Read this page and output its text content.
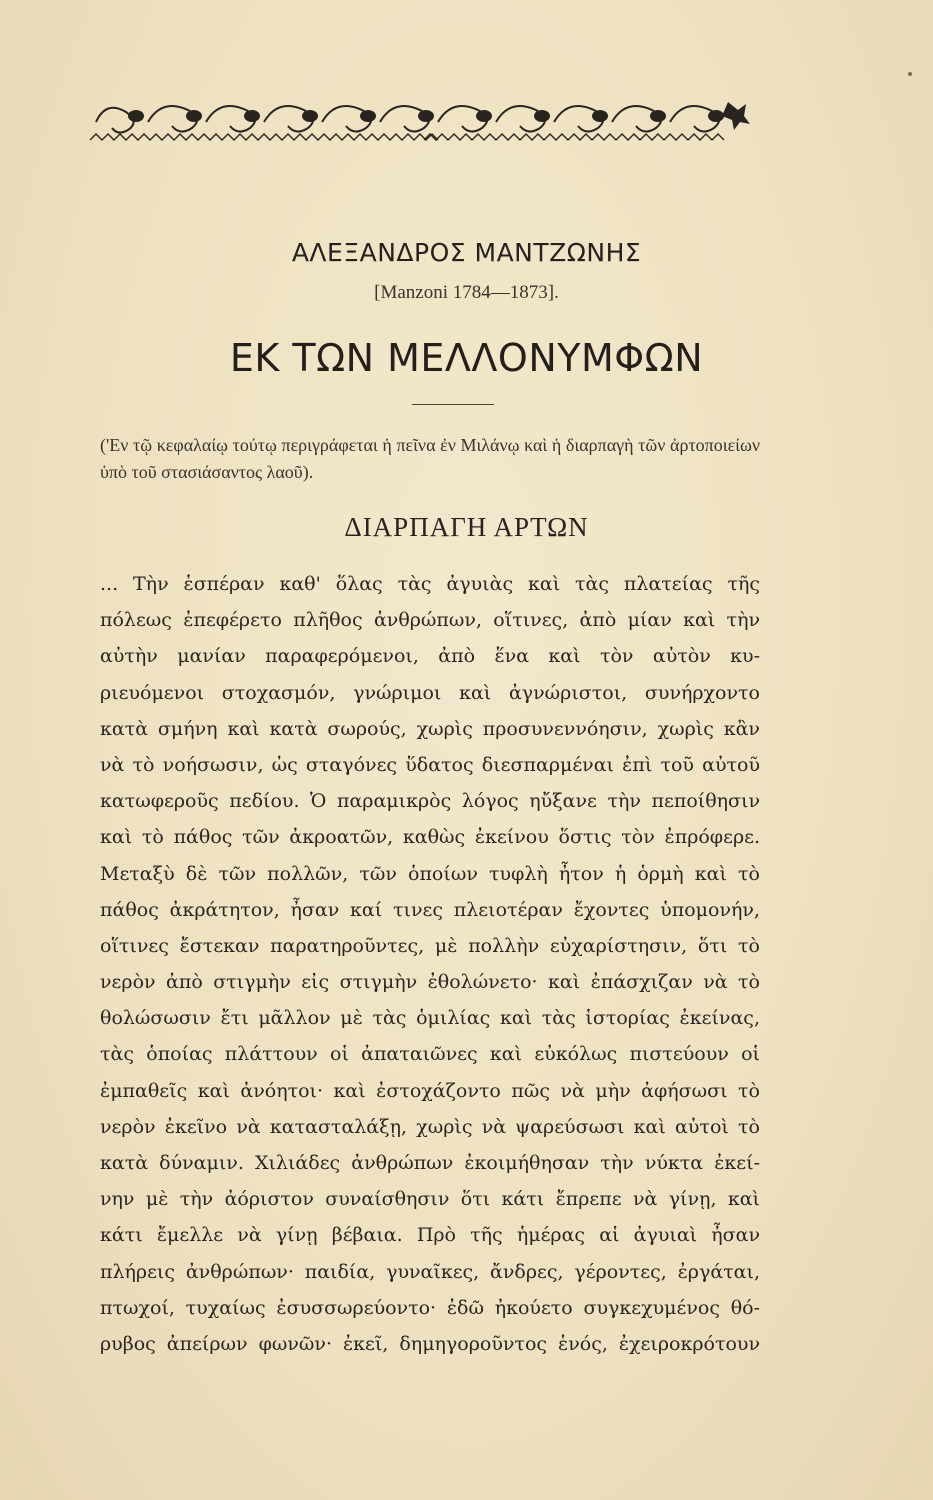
ΑΛΕΞΑΝΔΡΟΣ ΜΑΝΤΖΩΝΗΣ
[Manzoni 1784—1873].
ΕΚ ΤΩΝ ΜΕΛΛΟΝΥΜΦΩΝ
('Εν τῷ κεφαλαίῳ τούτῳ περιγράφεται ἡ πεῖνα ἐν Μιλάνῳ καὶ ἡ διαρπαγὴ τῶν ἀρτοποιείων ὑπὸ τοῦ στασιάσαντος λαοῦ).
ΔΙΑΡΠΑΓΗ ΑΡΤΩΝ
... Τὴν ἑσπέραν καθ' ὅλας τὰς ἀγυιὰς καὶ τὰς πλατείας τῆς
πόλεως ἐπεφέρετο πλῆθος ἀνθρώπων, οἵτινες, ἀπὸ μίαν καὶ τὴν
αὐτὴν μανίαν παραφερόμενοι, ἀπὸ ἕνα καὶ τὸν αὐτὸν κυ-
ριευόμενοι στοχασμόν, γνώριμοι καὶ ἀγνώριστοι, συνήρχοντο
κατὰ σμήνη καὶ κατὰ σωρούς, χωρὶς προσυνεννόησιν, χωρὶς κἂν
νὰ τὸ νοήσωσιν, ὡς σταγόνες ὕδατος διεσπαρμέναι ἐπὶ τοῦ αὐτοῦ
κατωφεροῦς πεδίου. Ὁ παραμικρὸς λόγος ηὔξανε τὴν πεποίθησιν
καὶ τὸ πάθος τῶν ἀκροατῶν, καθὼς ἐκείνου ὅστις τὸν ἐπρόφερε.
Μεταξὺ δὲ τῶν πολλῶν, τῶν ὁποίων τυφλὴ ἦτον ἡ ὁρμὴ καὶ τὸ
πάθος ἀκράτητον, ἦσαν καί τινες πλειοτέραν ἔχοντες ὑπομονήν,
οἵτινες ἔστεκαν παρατηροῦντες, μὲ πολλὴν εὐχαρίστησιν, ὅτι τὸ
νερὸν ἀπὸ στιγμὴν εἰς στιγμὴν ἐθολώνετο· καὶ ἐπάσχιζαν νὰ τὸ
θολώσωσιν ἔτι μᾶλλον μὲ τὰς ὁμιλίας καὶ τὰς ἱστορίας ἐκείνας,
τὰς ὁποίας πλάττουν οἱ ἀπαταιῶνες καὶ εὐκόλως πιστεύουν οἱ
ἐμπαθεῖς καὶ ἀνόητοι· καὶ ἐστοχάζοντο πῶς νὰ μὴν ἀφήσωσι τὸ
νερὸν ἐκεῖνο νὰ κατασταλάξῃ, χωρὶς νὰ ψαρεύσωσι καὶ αὐτοὶ τὸ
κατὰ δύναμιν. Χιλιάδες ἀνθρώπων ἐκοιμήθησαν τὴν νύκτα ἐκεί-
νην μὲ τὴν ἀόριστον συναίσθησιν ὅτι κάτι ἔπρεπε νὰ γίνῃ, καὶ
κάτι ἔμελλε νὰ γίνῃ βέβαια. Πρὸ τῆς ἡμέρας αἱ ἀγυιαὶ ἦσαν
πλήρεις ἀνθρώπων· παιδία, γυναῖκες, ἄνδρες, γέροντες, ἐργάται,
πτωχοί, τυχαίως ἐσυσσωρεύοντο· ἐδῶ ἠκούετο συγκεχυμένος θό-
ρυβος ἀπείρων φωνῶν· ἐκεῖ, δημηγοροῦντος ἑνός, ἐχειροκρότουν
